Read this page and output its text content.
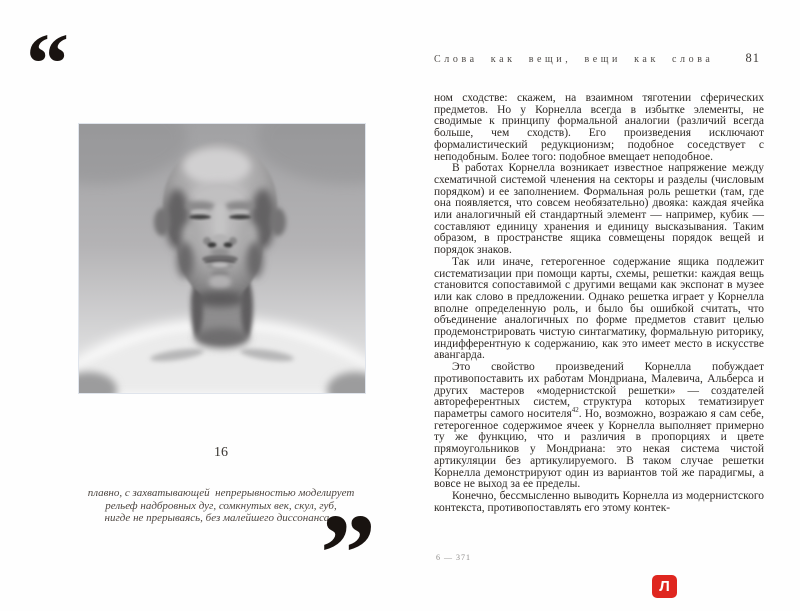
“
16
плавно, с захватывающей  непрерывностью моделирует
рельеф надбровных дуг, сомкнутых век, скул, губ,
нигде не прерываясь, без малейшего диссонанса...
”
Слова как вещи, вещи как слова	81

ном сходстве: скажем, на взаимном тяготении сферических предметов. Но у Корнелла всегда в избытке элементы, не сводимые к принципу формальной аналогии (различий всегда больше, чем сходств). Его произведения исключают формалистический редукционизм; подобное соседствует с неподобным. Более того: подобное вмещает неподобное.

В работах Корнелла возникает известное напряжение между схематичной системой членения на секторы и разделы (числовым порядком) и ее заполнением. Формальная роль решетки (там, где она появляется, что совсем необязательно) двояка: каждая ячейка или аналогичный ей стандартный элемент — например, кубик — составляют единицу хранения и единицу высказывания. Таким образом, в пространстве ящика совмещены порядок вещей и порядок знаков.

Так или иначе, гетерогенное содержание ящика подлежит систематизации при помощи карты, схемы, решетки: каждая вещь становится сопоставимой с другими вещами как экспонат в музее или как слово в предложении. Однако решетка играет у Корнелла вполне определенную роль, и было бы ошибкой считать, что объединение аналогичных по форме предметов ставит целью продемонстрировать чистую синтагматику, формальную риторику, индифферентную к содержанию, как это имеет место в искусстве авангарда.

Это свойство произведений Корнелла побуждает противопоставить их работам Мондриана, Малевича, Альберса и других мастеров «модернистской решетки» — создателей автореферентных систем, структура которых тематизирует параметры самого носителя$^{42}$. Но, возможно, возражаю я сам себе, гетерогенное содержимое ячеек у Корнелла выполняет примерно ту же функцию, что и различия в пропорциях и цвете прямоугольников у Мондриана: это некая система чистой артикуляции без артикулируемого. В таком случае решетки Корнелла демонстрируют один из вариантов той же парадигмы, а вовсе не выход за ее пределы.

Конечно, бессмысленно выводить Корнелла из модернистского контекста, противопоставлять его этому контек-

6 — 371
Л
